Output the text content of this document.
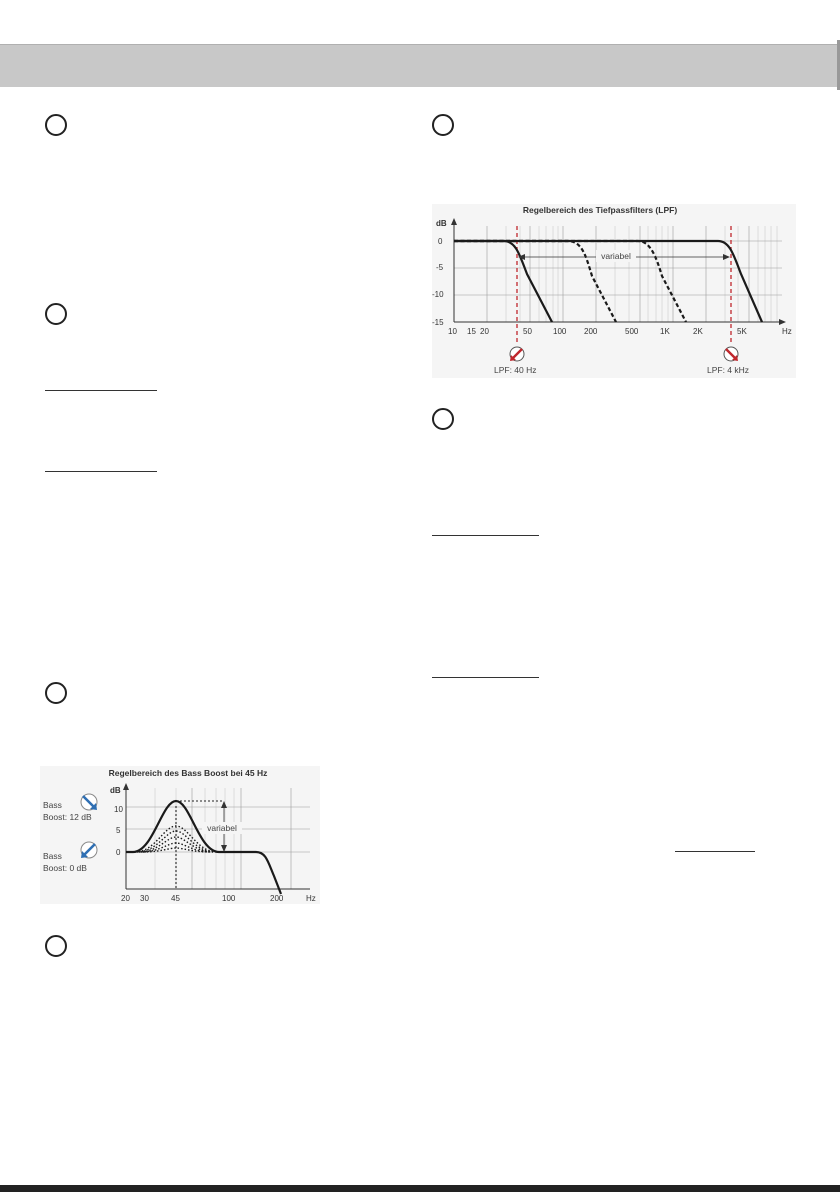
Regelbereich des Tiefpassfilters (LPF)
dB
0
-5
-10
-15
10 15 20	50	100 200	500	1K	2K	5K	Hz
variabel
LPF: 40 Hz	LPF: 4 kHz
Regelbereich des Bass Boost bei 45 Hz
dB
10
5
0
20 30	45	100	200	Hz
variabel
Bass
Boost: 12 dB
Bass
Boost: 0 dB
